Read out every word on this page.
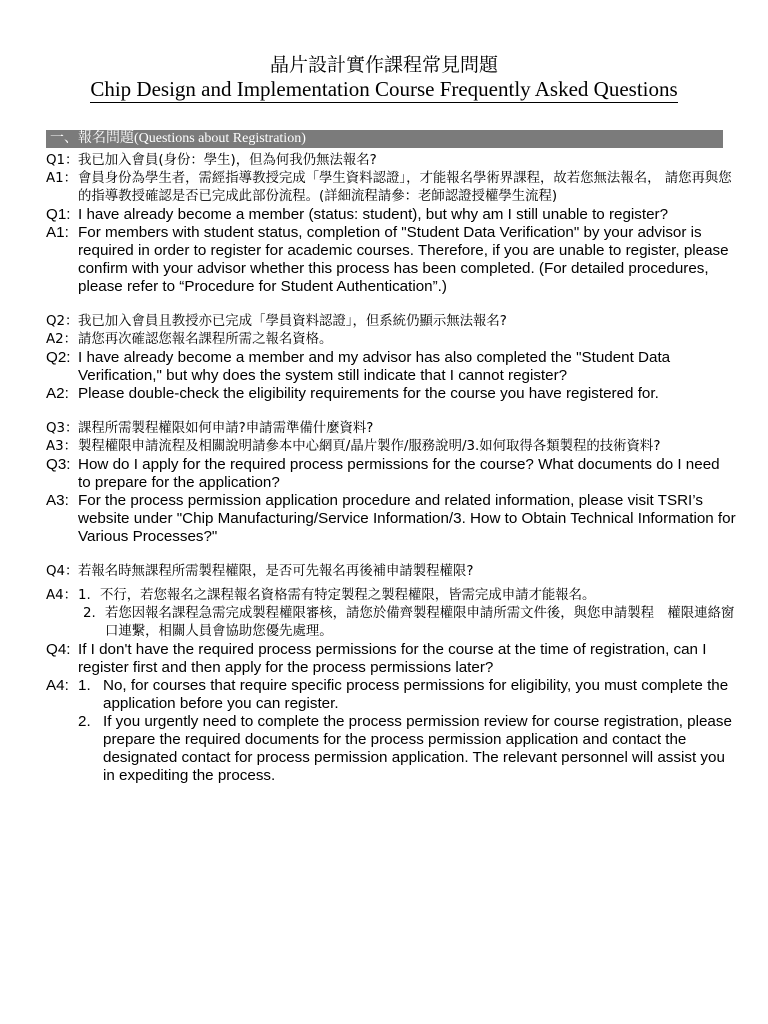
晶片設計實作課程常見問題
Chip Design and Implementation Course Frequently Asked Questions
一、報名問題(Questions about Registration)
Q1： 我已加入會員(身份：學生)，但為何我仍無法報名?
A1： 會員身份為學生者，需經指導教授完成「學生資料認證」，才能報名學術界課程，故若您無法報名， 請您再與您的指導教授確認是否已完成此部份流程。(詳細流程請參：老師認證授權學生流程)
Q1: I have already become a member (status: student), but why am I still unable to register?
A1: For members with student status, completion of "Student Data Verification" by your advisor is required in order to register for academic courses. Therefore, if you are unable to register, please confirm with your advisor whether this process has been completed. (For detailed procedures, please refer to “Procedure for Student Authentication”.)
Q2： 我已加入會員且教授亦已完成「學員資料認證」，但系統仍顯示無法報名?
A2： 請您再次確認您報名課程所需之報名資格。
Q2: I have already become a member and my advisor has also completed the "Student Data Verification," but why does the system still indicate that I cannot register?
A2: Please double-check the eligibility requirements for the course you have registered for.
Q3： 課程所需製程權限如何申請?申請需準備什麼資料?
A3： 製程權限申請流程及相關說明請參本中心網頁/晶片製作/服務說明/3.如何取得各類製程的技術資料?
Q3: How do I apply for the required process permissions for the course? What documents do I need to prepare for the application?
A3: For the process permission application procedure and related information, please visit TSRI’s website under "Chip Manufacturing/Service Information/3. How to Obtain Technical Information for Various Processes?"
Q4： 若報名時無課程所需製程權限，是否可先報名再後補申請製程權限?
A4： 1. 不行，若您報名之課程報名資格需有特定製程之製程權限，皆需完成申請才能報名。
2. 若您因報名課程急需完成製程權限審核，請您於備齊製程權限申請所需文件後，與您申請製程　權限連絡窗口連繫，相關人員會協助您優先處理。
Q4: If I don't have the required process permissions for the course at the time of registration, can I register first and then apply for the process permissions later?
A4: 1. No, for courses that require specific process permissions for eligibility, you must complete the application before you can register.
2. If you urgently need to complete the process permission review for course registration, please prepare the required documents for the process permission application and contact the designated contact for process permission application. The relevant personnel will assist you in expediting the process.
